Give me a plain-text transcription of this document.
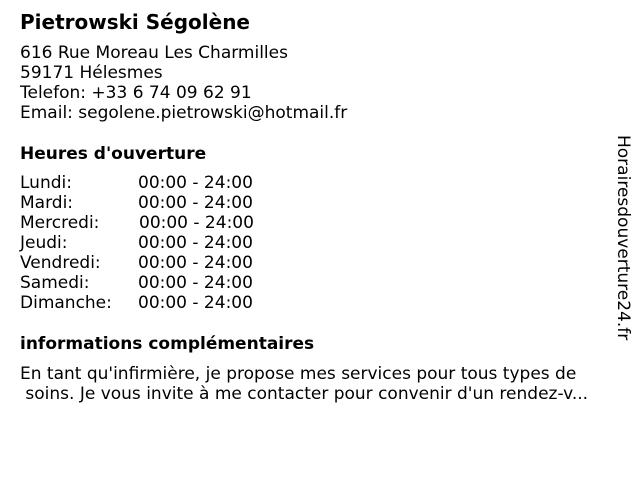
Pietrowski Ségolène
616 Rue Moreau Les Charmilles
59171 Hélesmes
Telefon: +33 6 74 09 62 91
Email: segolene.pietrowski@hotmail.fr
Heures d'ouverture
Lundi:	00:00 - 24:00
Mardi:	00:00 - 24:00
Mercredi: 00:00 - 24:00
Jeudi:	00:00 - 24:00
Vendredi: 00:00 - 24:00
Samedi:	00:00 - 24:00
Dimanche: 00:00 - 24:00
informations complémentaires
En tant qu'infirmière, je propose mes services pour tous types de
soins. Je vous invite à me contacter pour convenir d'un rendez-v...
Horairesdouverture24.fr
